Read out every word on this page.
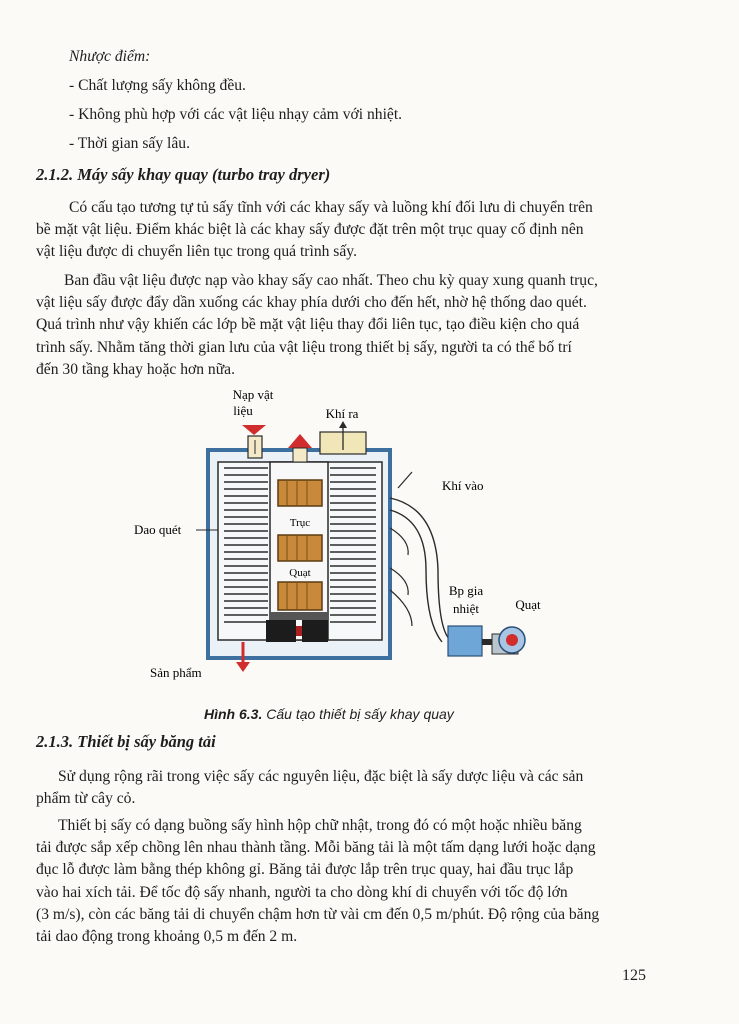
Nhược điểm:
- Chất lượng sấy không đều.
- Không phù hợp với các vật liệu nhạy cảm với nhiệt.
- Thời gian sấy lâu.
2.1.2. Máy sấy khay quay (turbo tray dryer)
Có cấu tạo tương tự tủ sấy tĩnh với các khay sấy và luồng khí đối lưu di chuyển trên
bề mặt vật liệu. Điểm khác biệt là các khay sấy được đặt trên một trục quay cố định nên
vật liệu được di chuyển liên tục trong quá trình sấy.
Ban đầu vật liệu được nạp vào khay sấy cao nhất. Theo chu kỳ quay xung quanh trục,
vật liệu sấy được đẩy dần xuống các khay phía dưới cho đến hết, nhờ hệ thống dao quét.
Quá trình như vậy khiến các lớp bề mặt vật liệu thay đổi liên tục, tạo điều kiện cho quá
trình sấy. Nhằm tăng thời gian lưu của vật liệu trong thiết bị sấy, người ta có thể bố trí
đến 30 tầng khay hoặc hơn nữa.
Trục
Quạt
Nạp vật
liệu	Khí ra
Khí vào
Dao quét
Bp gia
nhiệt	Quạt
Sản phẩm
Hình 6.3. Cấu tạo thiết bị sấy khay quay
2.1.3. Thiết bị sấy băng tải
Sử dụng rộng rãi trong việc sấy các nguyên liệu, đặc biệt là sấy dược liệu và các sản
phẩm từ cây cỏ.
Thiết bị sấy có dạng buồng sấy hình hộp chữ nhật, trong đó có một hoặc nhiều băng
tải được sắp xếp chồng lên nhau thành tầng. Mỗi băng tải là một tấm dạng lưới hoặc dạng
đục lỗ được làm bằng thép không gỉ. Băng tải được lắp trên trục quay, hai đầu trục lắp
vào hai xích tải. Để tốc độ sấy nhanh, người ta cho dòng khí di chuyển với tốc độ lớn
(3 m/s), còn các băng tải di chuyển chậm hơn từ vài cm đến 0,5 m/phút. Độ rộng của băng
tải dao động trong khoảng 0,5 m đến 2 m.
125
